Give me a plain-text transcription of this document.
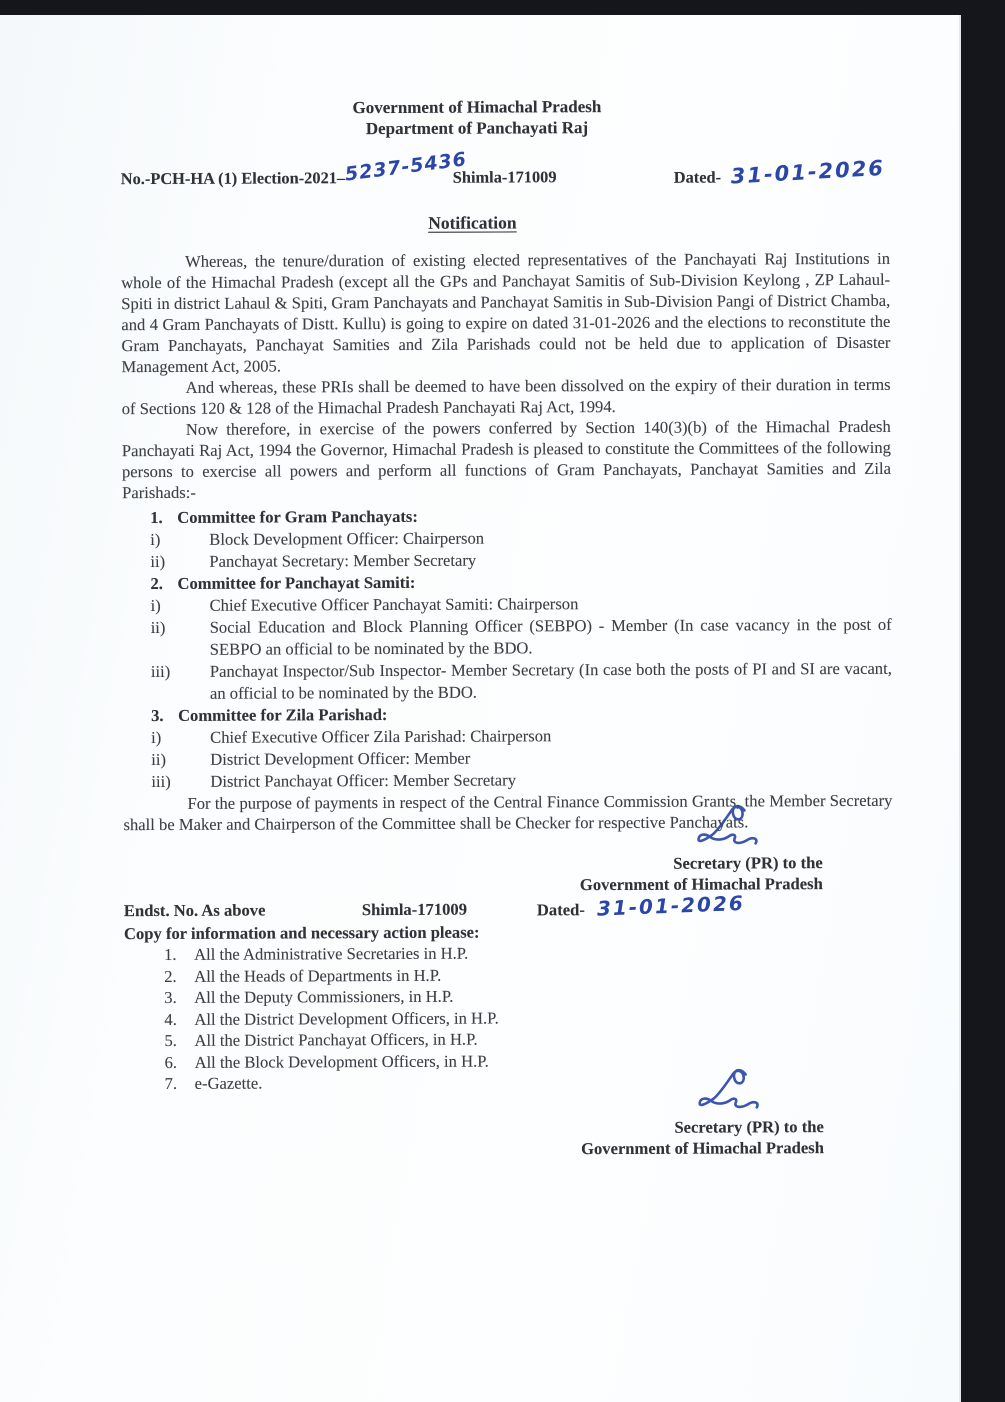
Government of Himachal Pradesh
Department of Panchayati Raj
No.-PCH-HA (1) Election-2021–5237-5436
Shimla-171009	Dated- 31-01-2026
Notification

Whereas, the tenure/duration of existing elected representatives of the Panchayati Raj Institutions in whole of the Himachal Pradesh (except all the GPs and Panchayat Samitis of Sub-Division Keylong , ZP Lahaul-Spiti in district Lahaul & Spiti, Gram Panchayats and Panchayat Samitis in Sub-Division Pangi of District Chamba, and 4 Gram Panchayats of Distt. Kullu) is going to expire on dated 31-01-2026 and the elections to reconstitute the Gram Panchayats, Panchayat Samities and Zila Parishads could not be held due to application of Disaster Management Act, 2005.

And whereas, these PRIs shall be deemed to have been dissolved on the expiry of their duration in terms of Sections 120 & 128 of the Himachal Pradesh Panchayati Raj Act, 1994.

Now therefore, in exercise of the powers conferred by Section 140(3)(b) of the Himachal Pradesh Panchayati Raj Act, 1994 the Governor, Himachal Pradesh is pleased to constitute the Committees of the following persons to exercise all powers and perform all functions of Gram Panchayats, Panchayat Samities and Zila Parishads:-

1. Committee for Gram Panchayats:
i)	Block Development Officer: Chairperson
ii)	Panchayat Secretary: Member Secretary
2. Committee for Panchayat Samiti:
i)	Chief Executive Officer Panchayat Samiti: Chairperson
ii)	Social Education and Block Planning Officer (SEBPO) - Member (In case vacancy in the post of SEBPO an official to be nominated by the BDO.
iii)	Panchayat Inspector/Sub Inspector- Member Secretary (In case both the posts of PI and SI are vacant, an official to be nominated by the BDO.
3. Committee for Zila Parishad:
i)	Chief Executive Officer Zila Parishad: Chairperson
ii)	District Development Officer: Member
iii)	District Panchayat Officer: Member Secretary

For the purpose of payments in respect of the Central Finance Commission Grants, the Member Secretary shall be Maker and Chairperson of the Committee shall be Checker for respective Panchayats.

Secretary (PR) to the
Government of Himachal Pradesh
Endst. No. As above	Shimla-171009	Dated- 31-01-2026
Copy for information and necessary action please:
1.	All the Administrative Secretaries in H.P.
2.	All the Heads of Departments in H.P.
3.	All the Deputy Commissioners, in H.P.
4.	All the District Development Officers, in H.P.
5.	All the District Panchayat Officers, in H.P.
6.	All the Block Development Officers, in H.P.
7.	e-Gazette.
Secretary (PR) to the
Government of Himachal Pradesh
